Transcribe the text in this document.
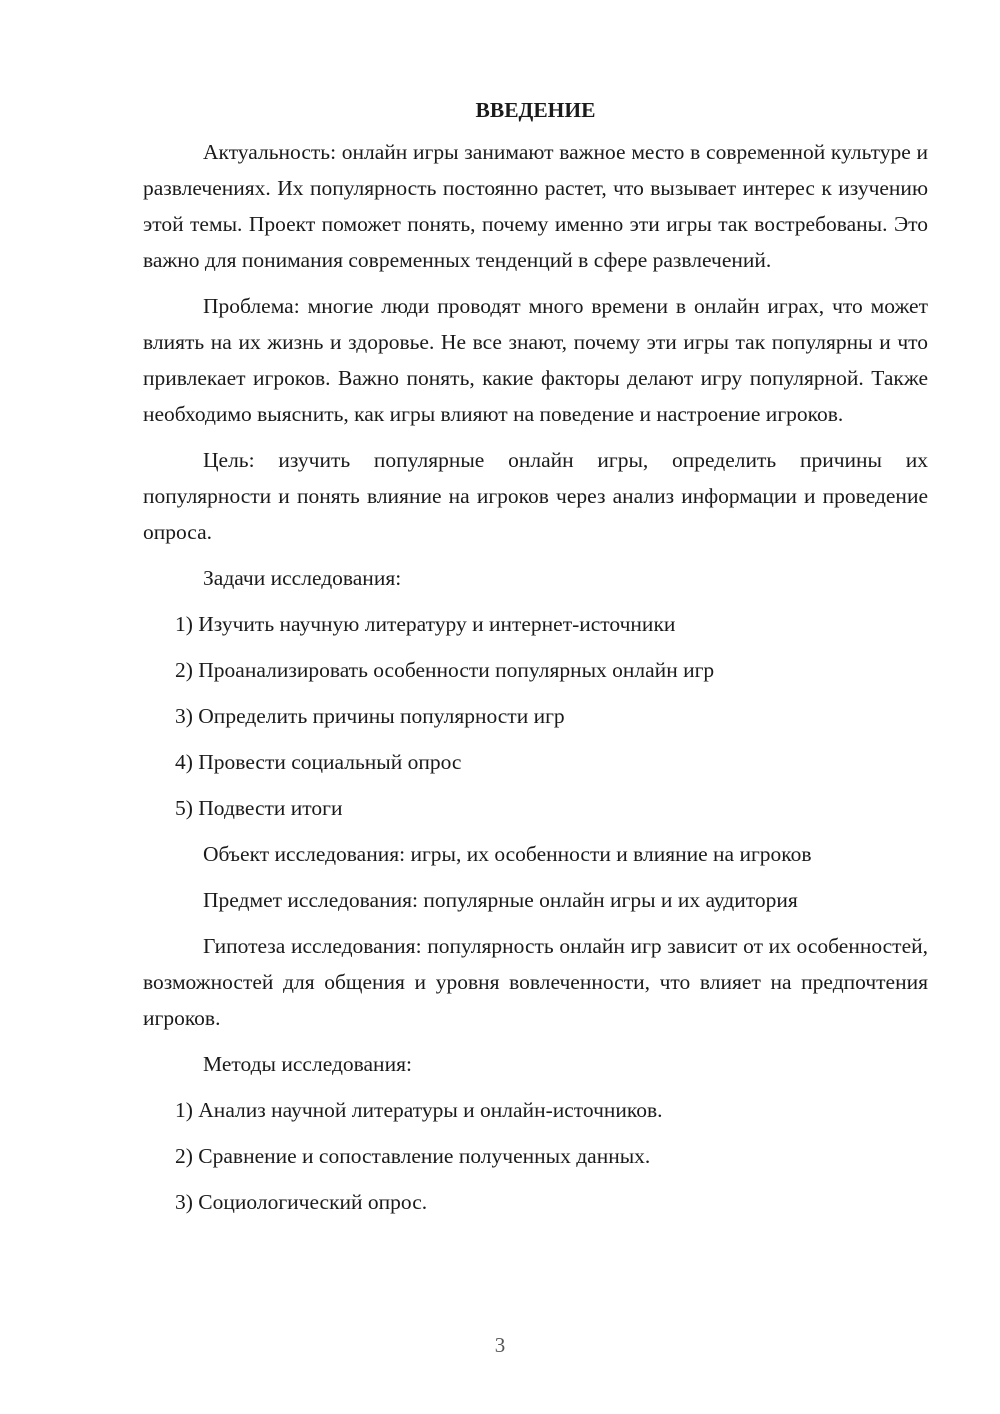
ВВЕДЕНИЕ
Актуальность: онлайн игры занимают важное место в современной культуре и развлечениях. Их популярность постоянно растет, что вызывает интерес к изучению этой темы. Проект поможет понять, почему именно эти игры так востребованы. Это важно для понимания современных тенденций в сфере развлечений.
Проблема: многие люди проводят много времени в онлайн играх, что может влиять на их жизнь и здоровье. Не все знают, почему эти игры так популярны и что привлекает игроков. Важно понять, какие факторы делают игру популярной. Также необходимо выяснить, как игры влияют на поведение и настроение игроков.
Цель: изучить популярные онлайн игры, определить причины их популярности и понять влияние на игроков через анализ информации и проведение опроса.
Задачи исследования:
1) Изучить научную литературу и интернет-источники
2) Проанализировать особенности популярных онлайн игр
3) Определить причины популярности игр
4) Провести социальный опрос
5) Подвести итоги
Объект исследования: игры, их особенности и влияние на игроков
Предмет исследования: популярные онлайн игры и их аудитория
Гипотеза исследования: популярность онлайн игр зависит от их особенностей, возможностей для общения и уровня вовлеченности, что влияет на предпочтения игроков.
Методы исследования:
1) Анализ научной литературы и онлайн-источников.
2) Сравнение и сопоставление полученных данных.
3) Социологический опрос.
3
